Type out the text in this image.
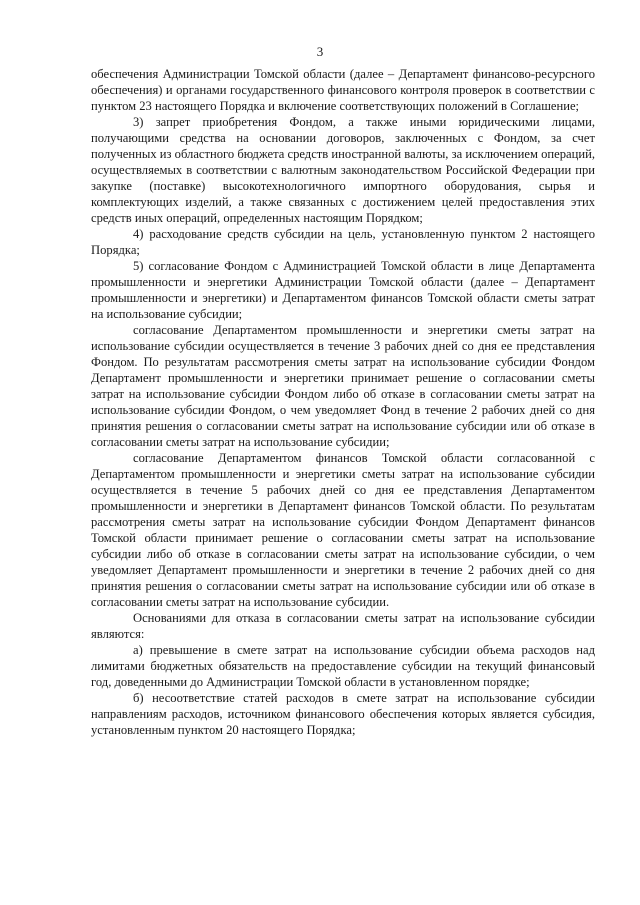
3

обеспечения Администрации Томской области (далее – Департамент финансово-ресурсного обеспечения) и органами государственного финансового контроля проверок в соответствии с пунктом 23 настоящего Порядка и включение соответствующих положений в Соглашение;

3) запрет приобретения Фондом, а также иными юридическими лицами, получающими средства на основании договоров, заключенных с Фондом, за счет полученных из областного бюджета средств иностранной валюты, за исключением операций, осуществляемых в соответствии с валютным законодательством Российской Федерации при закупке (поставке) высокотехнологичного импортного оборудования, сырья и комплектующих изделий, а также связанных с достижением целей предоставления этих средств иных операций, определенных настоящим Порядком;

4) расходование средств субсидии на цель, установленную пунктом 2 настоящего Порядка;

5) согласование Фондом с Администрацией Томской области в лице Департамента промышленности и энергетики Администрации Томской области (далее – Департамент промышленности и энергетики) и Департаментом финансов Томской области сметы затрат на использование субсидии;

согласование Департаментом промышленности и энергетики сметы затрат на использование субсидии осуществляется в течение 3 рабочих дней со дня ее представления Фондом. По результатам рассмотрения сметы затрат на использование субсидии Фондом Департамент промышленности и энергетики принимает решение о согласовании сметы затрат на использование субсидии Фондом либо об отказе в согласовании сметы затрат на использование субсидии Фондом, о чем уведомляет Фонд в течение 2 рабочих дней со дня принятия решения о согласовании сметы затрат на использование субсидии или об отказе в согласовании сметы затрат на использование субсидии;

согласование Департаментом финансов Томской области согласованной с Департаментом промышленности и энергетики сметы затрат на использование субсидии осуществляется в течение 5 рабочих дней со дня ее представления Департаментом промышленности и энергетики в Департамент финансов Томской области. По результатам рассмотрения сметы затрат на использование субсидии Фондом Департамент финансов Томской области принимает решение о согласовании сметы затрат на использование субсидии либо об отказе в согласовании сметы затрат на использование субсидии, о чем уведомляет Департамент промышленности и энергетики в течение 2 рабочих дней со дня принятия решения о согласовании сметы затрат на использование субсидии или об отказе в согласовании сметы затрат на использование субсидии.

Основаниями для отказа в согласовании сметы затрат на использование субсидии являются:

а) превышение в смете затрат на использование субсидии объема расходов над лимитами бюджетных обязательств на предоставление субсидии на текущий финансовый год, доведенными до Администрации Томской области в установленном порядке;

б) несоответствие статей расходов в смете затрат на использование субсидии направлениям расходов, источником финансового обеспечения которых является субсидия, установленным пунктом 20 настоящего Порядка;
